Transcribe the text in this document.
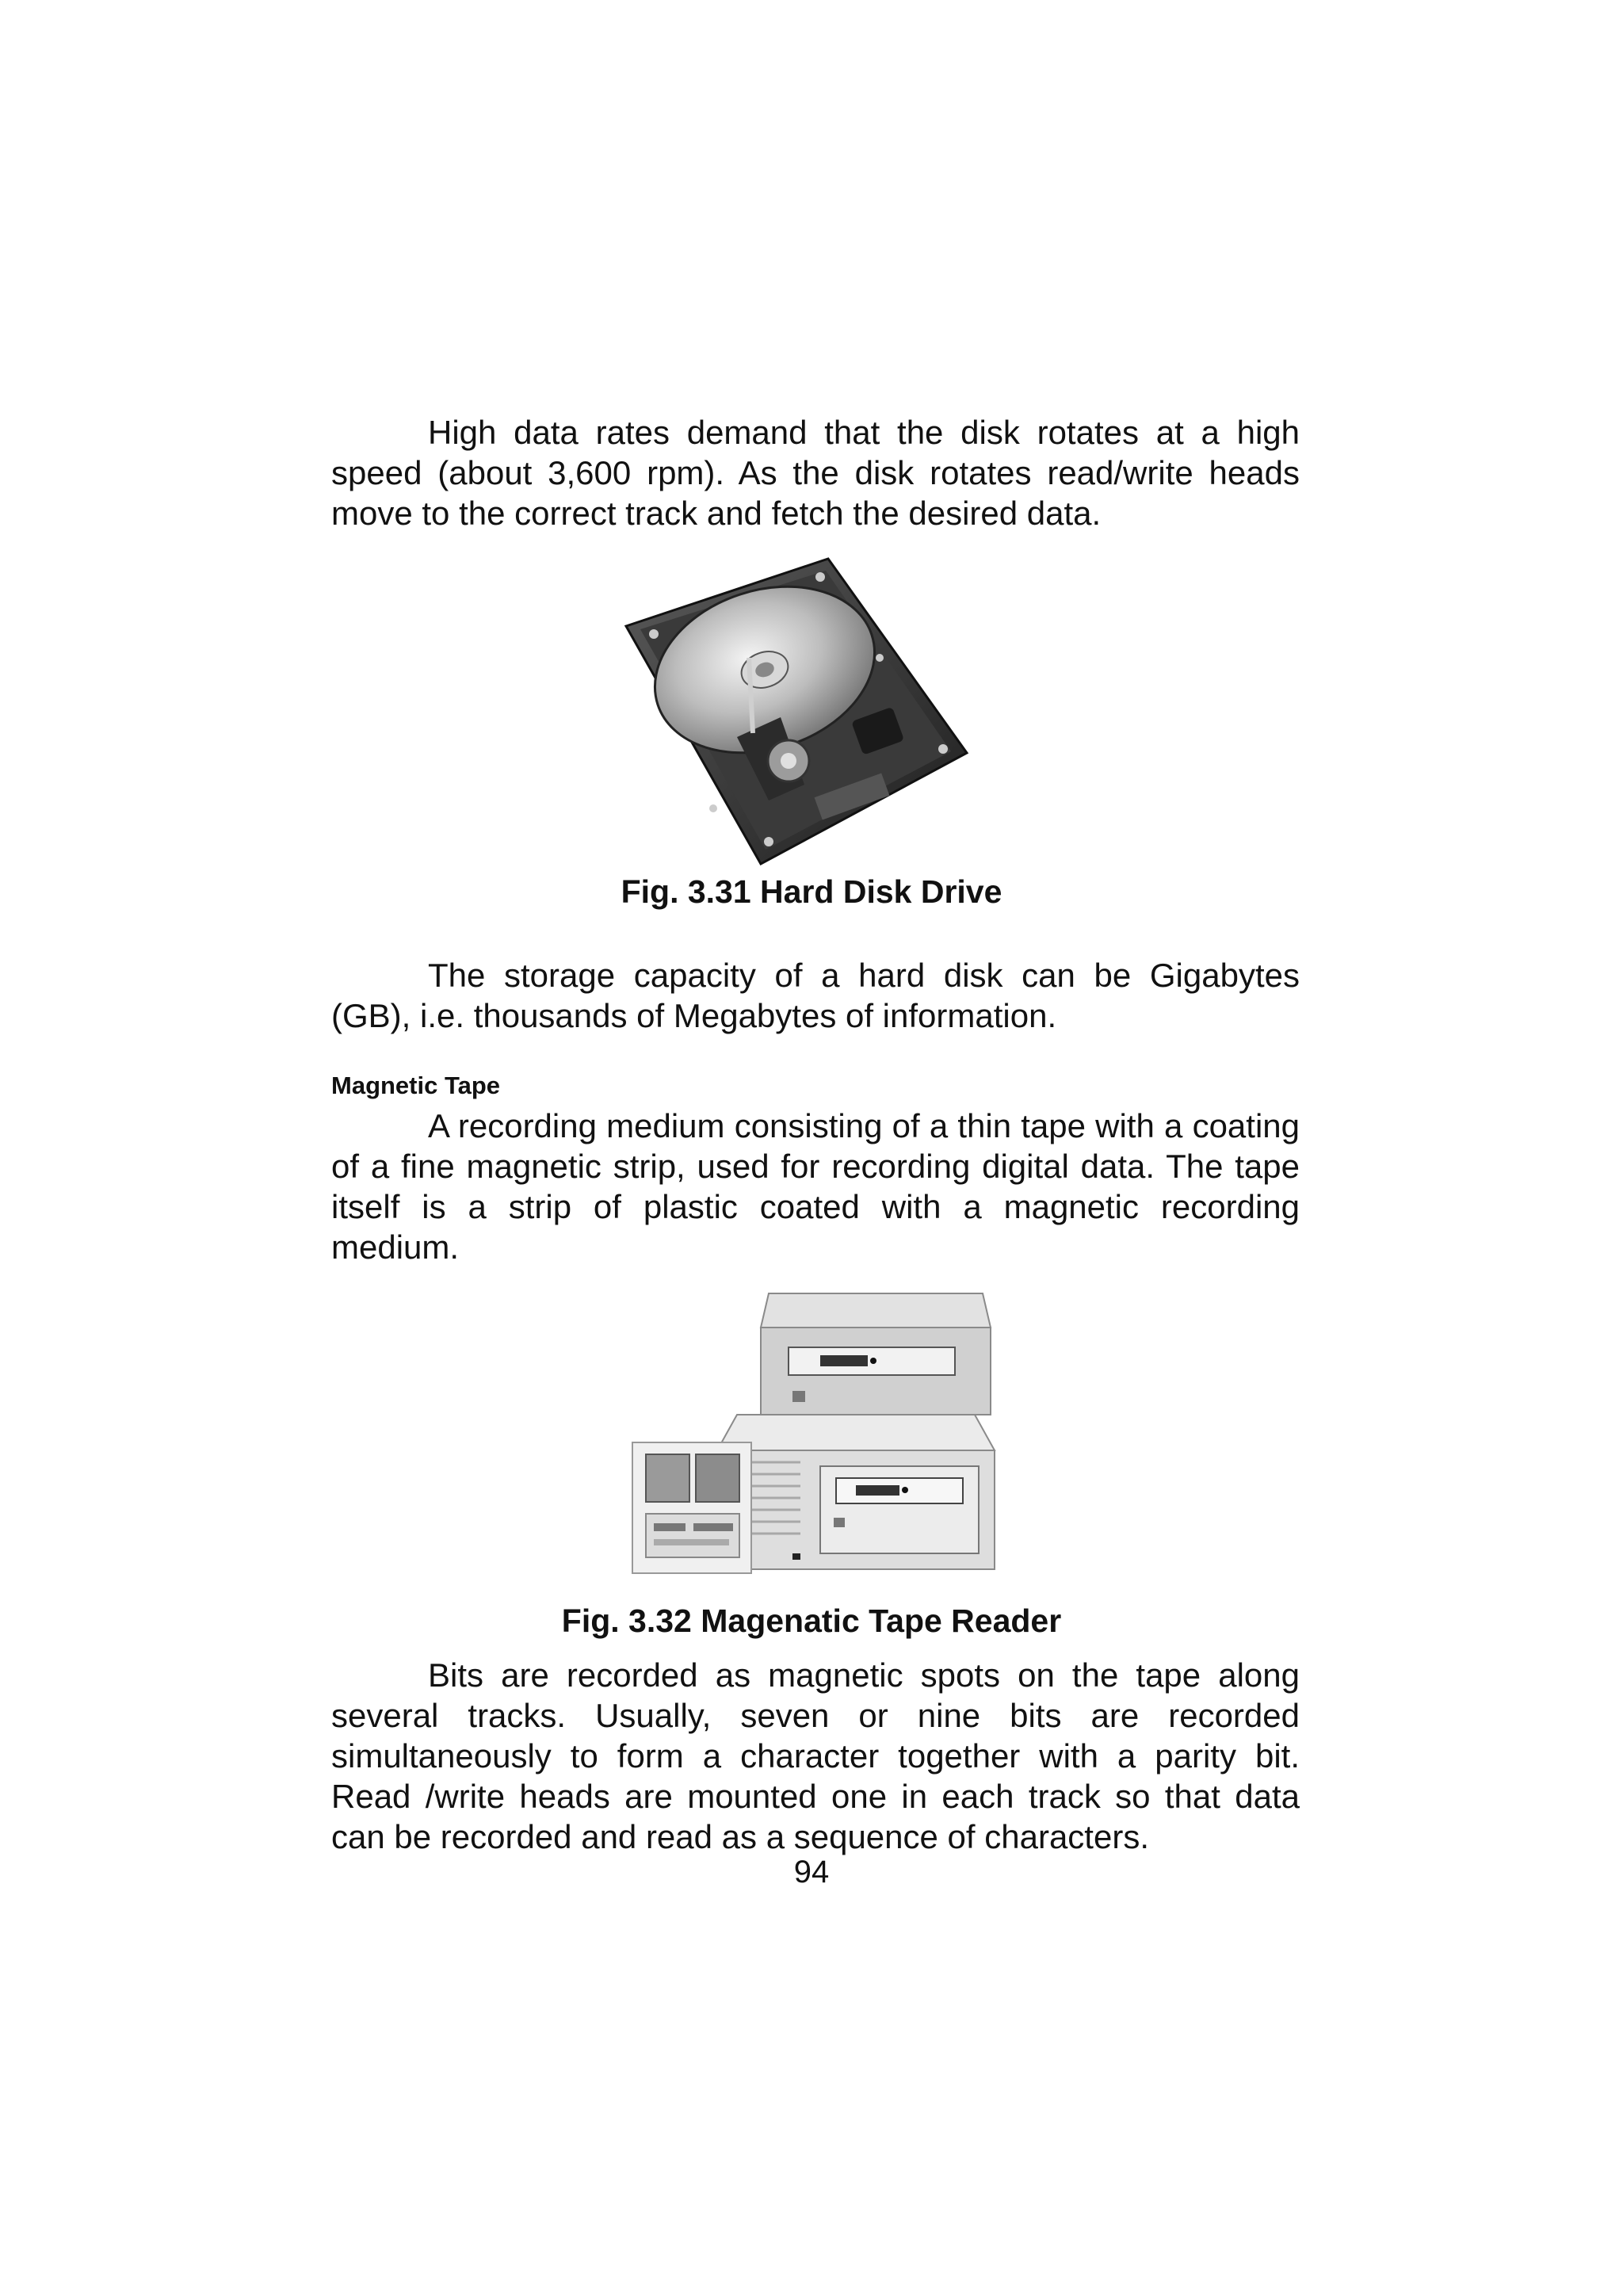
High data rates demand that the disk rotates at a high speed (about 3,600 rpm). As the disk rotates read/write heads move to the correct track and fetch the desired data.

Fig. 3.31 Hard Disk Drive

The storage capacity of a hard disk can be Gigabytes (GB), i.e. thousands of Megabytes of information.

Magnetic Tape

A recording medium consisting of a thin tape with a coating of a fine magnetic strip, used for recording digital data. The tape itself is a strip of plastic coated with a magnetic recording medium.

Fig. 3.32 Magenatic Tape Reader

Bits are recorded as magnetic spots on the tape along several tracks. Usually, seven or nine bits are recorded simultaneously to form a character together with a parity bit. Read /write heads are mounted one in each track so that data can be recorded and read as a sequence of characters.

94
